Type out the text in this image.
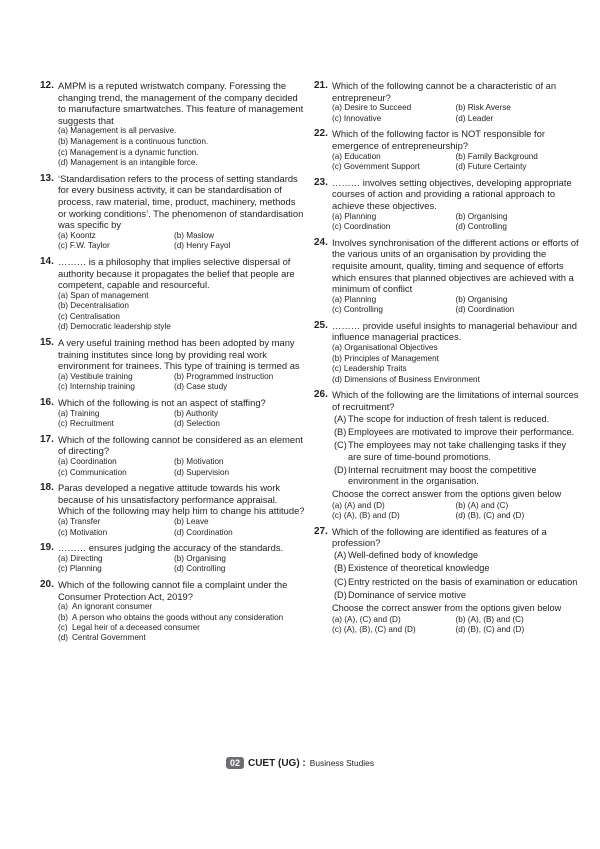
12. AMPM is a reputed wristwatch company. Foressing the changing trend, the management of the company decided to manufacture smartwatches. This feature of management suggests that
(a) Management is all pervasive.
(b) Management is a continuous function.
(c) Management is a dynamic function.
(d) Management is an intangible force.
13. ‘Standardisation refers to the process of setting standards for every business activity, it can be standardisation of process, raw material, time, product, machinery, methods or working conditions’. The phenomenon of standardisation was specific by
(a) Koontz	(b) Maslow
(c) F.W. Taylor	(d) Henry Fayol
14. ……… is a philosophy that implies selective dispersal of authority because it propagates the belief that people are competent, capable and resourceful.
(a) Span of management
(b) Decentralisation
(c) Centralisation
(d) Democratic leadership style
15. A very useful training method has been adopted by many training institutes since long by providing real work environment for trainees. This type of training is termed as
(a) Vestibule training	(b) Programmed instruction
(c) Internship training	(d) Case study
16. Which of the following is not an aspect of staffing?
(a) Training	(b) Authority
(c) Recruitment	(d) Selection
17. Which of the following cannot be considered as an element of directing?
(a) Coordination	(b) Motivation
(c) Communication	(d) Supervision
18. Paras developed a negative attitude towards his work because of his unsatisfactory performance appraisal. Which of the following may help him to change his attitude?
(a) Transfer	(b) Leave
(c) Motivation	(d) Coordination
19. ……… ensures judging the accuracy of the standards.
(a) Directing	(b) Organising
(c) Planning	(d) Controlling
20. Which of the following cannot file a complaint under the Consumer Protection Act, 2019?
(a) An ignorant consumer
(b) A person who obtains the goods without any consideration
(c) Legal heir of a deceased consumer
(d) Central Government
21. Which of the following cannot be a characteristic of an entrepreneur?
(a) Desire to Succeed	(b) Risk Averse
(c) Innovative	(d) Leader
22. Which of the following factor is NOT responsible for emergence of entrepreneurship?
(a) Education	(b) Family Background
(c) Government Support	(d) Future Certainty
23. ……… involves setting objectives, developing appropriate courses of action and providing a rational approach to achieve these objectives.
(a) Planning	(b) Organising
(c) Coordination	(d) Controlling
24. Involves synchronisation of the different actions or efforts of the various units of an organisation by providing the requisite amount, quality, timing and sequence of efforts which ensures that planned objectives are achieved with a minimum of conflict
(a) Planning	(b) Organising
(c) Controlling	(d) Coordination
25. ……… provide useful insights to managerial behaviour and influence managerial practices.
(a) Organisational Objectives
(b) Principles of Management
(c) Leadership Traits
(d) Dimensions of Business Environment
26. Which of the following are the limitations of internal sources of recruitment?
(A) The scope for induction of fresh talent is reduced.
(B) Employees are motivated to improve their performance.
(C) The employees may not take challenging tasks if they are sure of time-bound promotions.
(D) Internal recruitment may boost the competitive environment in the organisation.
Choose the correct answer from the options given below
(a) (A) and (D)	(b) (A) and (C)
(c) (A), (B) and (D)	(d) (B), (C) and (D)
27. Which of the following are identified as features of a profession?
(A) Well-defined body of knowledge
(B) Existence of theoretical knowledge
(C) Entry restricted on the basis of examination or education
(D) Dominance of service motive
Choose the correct answer from the options given below
(a) (A), (C) and (D)	(b) (A), (B) and (C)
(c) (A), (B), (C) and (D)	(d) (B), (C) and (D)
02 CUET (UG) : Business Studies
